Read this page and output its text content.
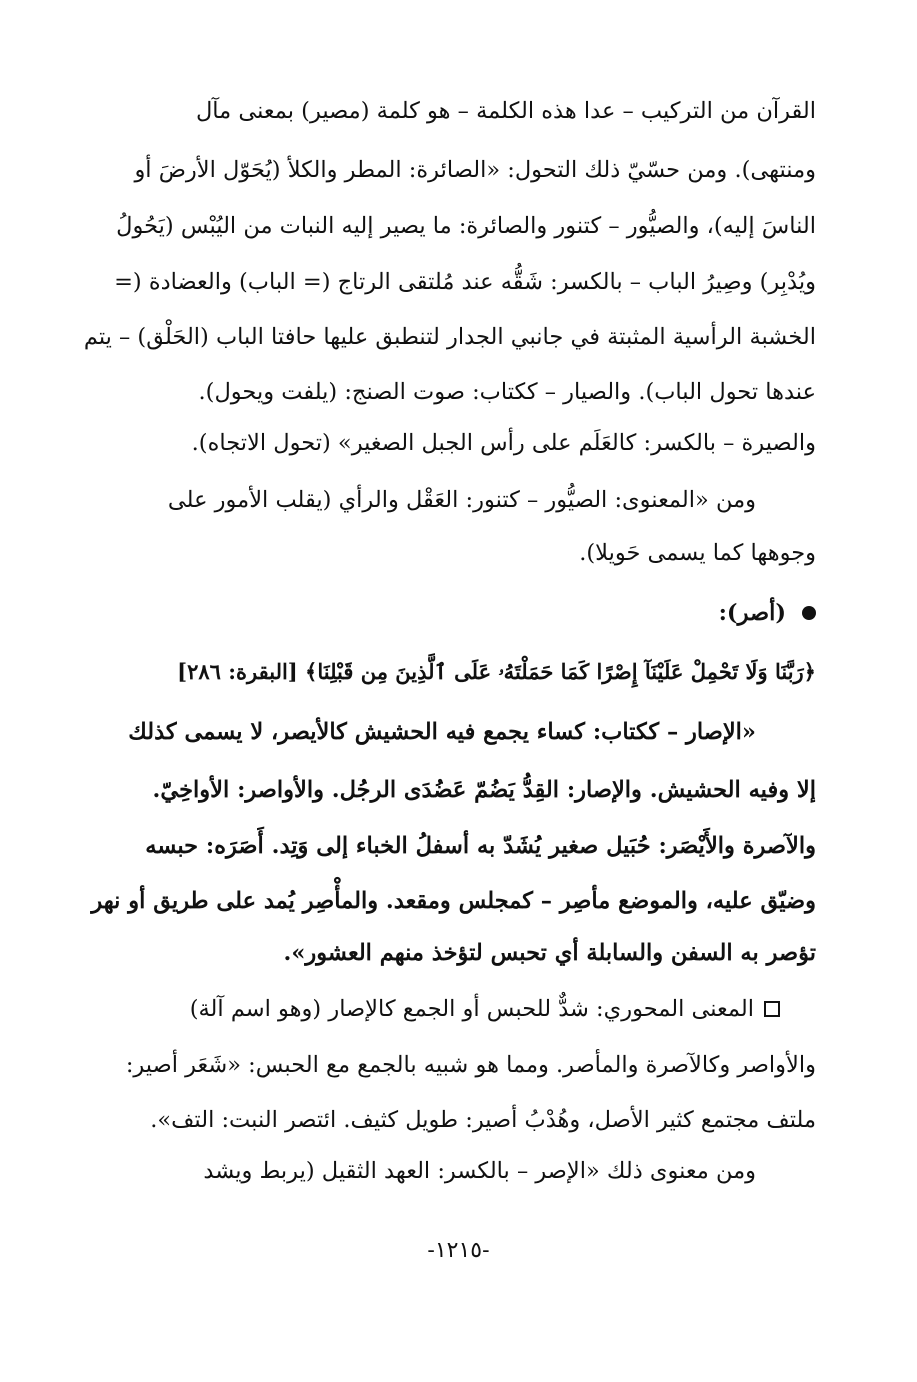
القرآن من التركيب – عدا هذه الكلمة – هو كلمة (مصير) بمعنى مآل
ومنتهى). ومن حسّيّ ذلك التحول: «الصائرة: المطر والكلأ (يُحَوّل الأرضَ أو
الناسَ إليه)، والصيُّور – كتنور والصائرة: ما يصير إليه النبات من اليُبْس (يَحُولُ
ويُدْبِر) وصِيرُ الباب – بالكسر: شَقُّه عند مُلتقى الرتاج (= الباب) والعضادة (=
الخشبة الرأسية المثبتة في جانبي الجدار لتنطبق عليها حافتا الباب (الحَلْق) – يتم
عندها تحول الباب). والصيار – ككتاب: صوت الصنج: (يلفت ويحول).
والصيرة – بالكسر: كالعَلَم على رأس الجبل الصغير» (تحول الاتجاه).
ومن «المعنوى: الصيُّور – كتنور: العَقْل والرأي (يقلب الأمور على
وجوهها كما يسمى حَويلا).
(أصر):
﴿رَبَّنَا وَلَا تَحْمِلْ عَلَيْنَآ إِصْرًا كَمَا حَمَلْتَهُۥ عَلَى ٱلَّذِينَ مِن قَبْلِنَا﴾ [البقرة: ٢٨٦]
«الإصار – ككتاب: كساء يجمع فيه الحشيش كالأيصر، لا يسمى كذلك
إلا وفيه الحشيش. والإصار: القِدُّ يَضُمّ عَضُدَى الرجُل. والأواصر: الأواخِيّ.
والآصرة والأَيْصَر: حُبَيل صغير يُشَدّ به أسفلُ الخباء إلى وَتِد. أَصَرَه: حبسه
وضيّق عليه، والموضع مأصِر – كمجلس ومقعد. والمأْصِر يُمد على طريق أو نهر
تؤصر به السفن والسابلة أي تحبس لتؤخذ منهم العشور».
المعنى المحوري: شدٌّ للحبس أو الجمع كالإصار (وهو اسم آلة)
والأواصر وكالآصرة والمأصر. ومما هو شبيه بالجمع مع الحبس: «شَعَر أصير:
ملتف مجتمع كثير الأصل، وهُدْبُ أصير: طويل كثيف. ائتصر النبت: التف».
ومن معنوى ذلك «الإصر – بالكسر: العهد الثقيل (يربط ويشد
-١٢١٥-
